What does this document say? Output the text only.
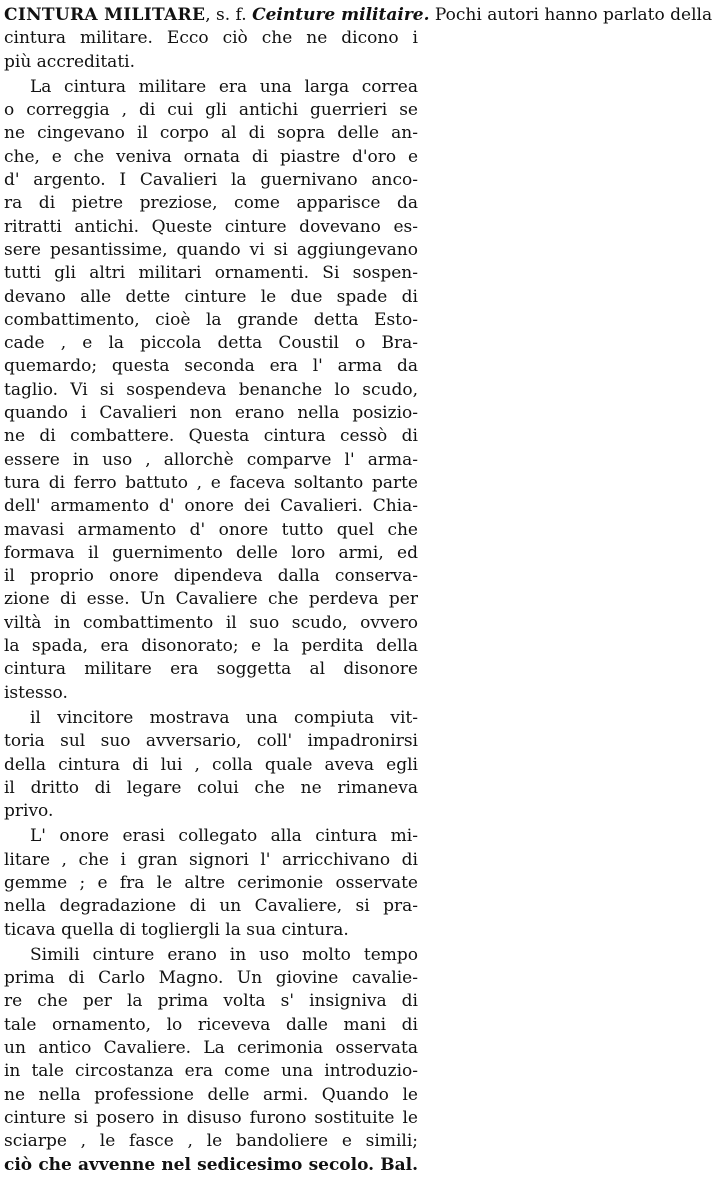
CINTURA MILITARE, s. f. Ceinture militaire. Pochi autori hanno parlato della
cintura militare. Ecco ciò che ne dicono i
più accreditati.
La cintura militare era una larga correa
o correggia , di cui gli antichi guerrieri se
ne cingevano il corpo al di sopra delle an-
che, e che veniva ornata di piastre d'oro e
d' argento. I Cavalieri la guernivano anco-
ra di pietre preziose, come apparisce da
ritratti antichi. Queste cinture dovevano es-
sere pesantissime, quando vi si aggiungevano
tutti gli altri militari ornamenti. Si sospen-
devano alle dette cinture le due spade di
combattimento, cioè la grande detta Esto-
cade , e la piccola detta Coustil o Bra-
quemardo; questa seconda era l' arma da
taglio. Vi si sospendeva benanche lo scudo,
quando i Cavalieri non erano nella posizio-
ne di combattere. Questa cintura cessò di
essere in uso , allorchè comparve l' arma-
tura di ferro battuto , e faceva soltanto parte
dell' armamento d' onore dei Cavalieri. Chia-
mavasi armamento d' onore tutto quel che
formava il guernimento delle loro armi, ed
il proprio onore dipendeva dalla conserva-
zione di esse. Un Cavaliere che perdeva per
viltà in combattimento il suo scudo, ovvero
la spada, era disonorato; e la perdita della
cintura militare era soggetta al disonore
istesso.
il vincitore mostrava una compiuta vit-
toria sul suo avversario, coll' impadronirsi
della cintura di lui , colla quale aveva egli
il dritto di legare colui che ne rimaneva
privo.
L' onore erasi collegato alla cintura mi-
litare , che i gran signori l' arricchivano di
gemme ; e fra le altre cerimonie osservate
nella degradazione di un Cavaliere, si pra-
ticava quella di togliergli la sua cintura.
Simili cinture erano in uso molto tempo
prima di Carlo Magno. Un giovine cavalie-
re che per la prima volta s' insigniva di
tale ornamento, lo riceveva dalle mani di
un antico Cavaliere. La cerimonia osservata
in tale circostanza era come una introduzio-
ne nella professione delle armi. Quando le
cinture si posero in disuso furono sostituite le
sciarpe , le fasce , le bandoliere e simili;
ciò che avvenne nel sedicesimo secolo. Bal.
